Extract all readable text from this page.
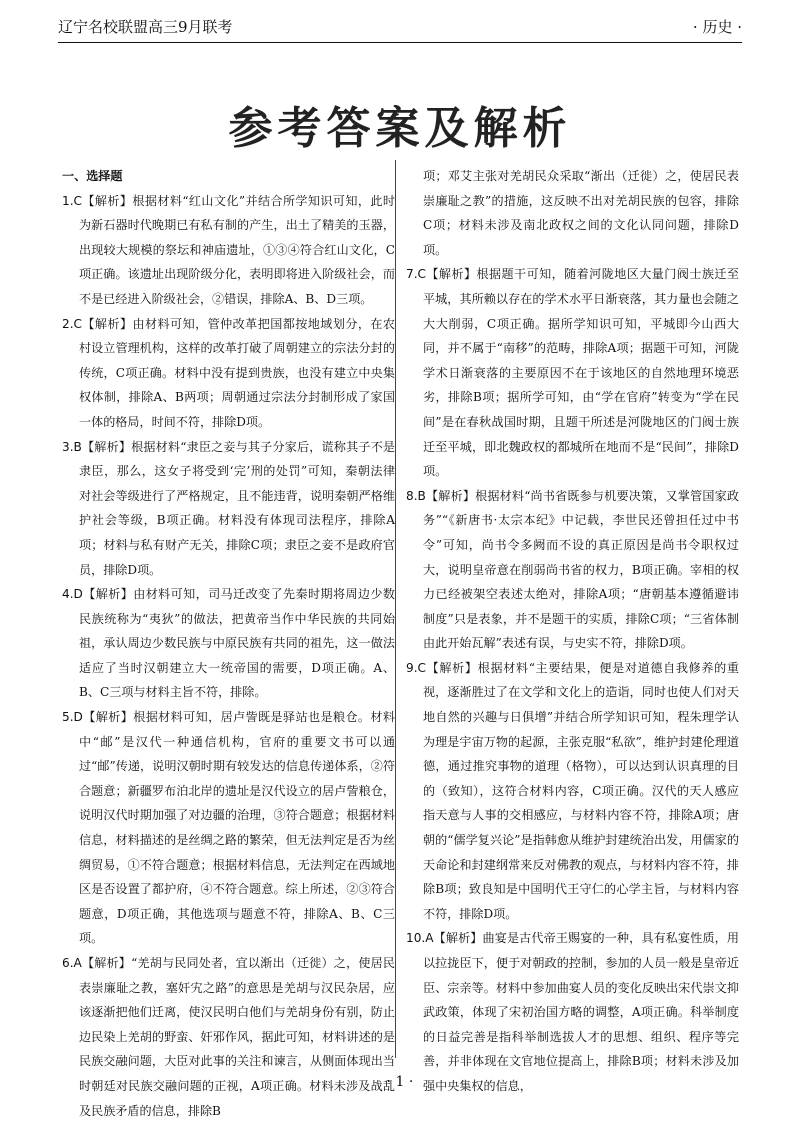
辽宁名校联盟高三9月联考	· 历史 ·
参考答案及解析
一、选择题

1.C【解析】根据材料“红山文化”并结合所学知识可知，此时为新石器时代晚期已有私有制的产生，出土了精美的玉器，出现较大规模的祭坛和神庙遗址，①③④符合红山文化，C项正确。该遗址出现阶级分化，表明即将进入阶级社会，而不是已经进入阶级社会，②错误，排除A、B、D三项。

2.C【解析】由材料可知，管仲改革把国都按地域划分，在农村设立管理机构，这样的改革打破了周朝建立的宗法分封的传统，C项正确。材料中没有提到贵族，也没有建立中央集权体制，排除A、B两项；周朝通过宗法分封制形成了家国一体的格局，时间不符，排除D项。

3.B【解析】根据材料“隶臣之妾与其子分家后，谎称其子不是隶臣，那么，这女子将受到‘完’刑的处罚”可知，秦朝法律对社会等级进行了严格规定，且不能违背，说明秦朝严格维护社会等级，B项正确。材料没有体现司法程序，排除A项；材料与私有财产无关，排除C项；隶臣之妾不是政府官员，排除D项。

4.D【解析】由材料可知，司马迁改变了先秦时期将周边少数民族统称为“夷狄”的做法，把黄帝当作中华民族的共同始祖，承认周边少数民族与中原民族有共同的祖先，这一做法适应了当时汉朝建立大一统帝国的需要，D项正确。A、B、C三项与材料主旨不符，排除。

5.D【解析】根据材料可知，居卢訾既是驿站也是粮仓。材料中“邮”是汉代一种通信机构，官府的重要文书可以通过“邮”传递，说明汉朝时期有较发达的信息传递体系，②符合题意；新疆罗布泊北岸的遗址是汉代设立的居卢訾粮仓，说明汉代时期加强了对边疆的治理，③符合题意；根据材料信息，材料描述的是丝绸之路的繁荣，但无法判定是否为丝绸贸易，①不符合题意；根据材料信息，无法判定在西域地区是否设置了都护府，④不符合题意。综上所述，②③符合题意，D项正确，其他选项与题意不符，排除A、B、C三项。

6.A【解析】“羌胡与民同处者，宜以渐出（迁徙）之，使居民表崇廉耻之教，塞奸宄之路”的意思是羌胡与汉民杂居，应该逐渐把他们迁离，使汉民明白他们与羌胡身份有别，防止边民染上羌胡的野蛮、奸邪作风，据此可知，材料讲述的是民族交融问题，大臣对此事的关注和谏言，从侧面体现出当时朝廷对民族交融问题的正视，A项正确。材料未涉及战乱及民族矛盾的信息，排除B

项；邓艾主张对羌胡民众采取“渐出（迁徙）之，使居民表崇廉耻之教”的措施，这反映不出对羌胡民族的包容，排除C项；材料未涉及南北政权之间的文化认同问题，排除D项。

7.C【解析】根据题干可知，随着河陇地区大量门阀士族迁至平城，其所赖以存在的学术水平日渐衰落，其力量也会随之大大削弱，C项正确。据所学知识可知，平城即今山西大同，并不属于“南移”的范畴，排除A项；据题干可知，河陇学术日渐衰落的主要原因不在于该地区的自然地理环境恶劣，排除B项；据所学可知，由“学在官府”转变为“学在民间”是在春秋战国时期，且题干所述是河陇地区的门阀士族迁至平城，即北魏政权的都城所在地而不是“民间”，排除D项。

8.B【解析】根据材料“尚书省既参与机要决策，又掌管国家政务”“《新唐书·太宗本纪》中记载，李世民还曾担任过中书令”可知，尚书令多阙而不设的真正原因是尚书令职权过大，说明皇帝意在削弱尚书省的权力，B项正确。宰相的权力已经被架空表述太绝对，排除A项；“唐朝基本遵循避讳制度”只是表象，并不是题干的实质，排除C项；“三省体制由此开始瓦解”表述有误，与史实不符，排除D项。

9.C【解析】根据材料“主要结果，便是对道德自我修养的重视，逐渐胜过了在文学和文化上的造诣，同时也使人们对天地自然的兴趣与日俱增”并结合所学知识可知，程朱理学认为理是宇宙万物的起源，主张克服“私欲”，维护封建伦理道德，通过推究事物的道理（格物），可以达到认识真理的目的（致知），这符合材料内容，C项正确。汉代的天人感应指天意与人事的交相感应，与材料内容不符，排除A项；唐朝的“儒学复兴论”是指韩愈从维护封建统治出发，用儒家的天命论和封建纲常来反对佛教的观点，与材料内容不符，排除B项；致良知是中国明代王守仁的心学主旨，与材料内容不符，排除D项。

10.A【解析】曲宴是古代帝王赐宴的一种，具有私宴性质，用以拉拢臣下，便于对朝政的控制，参加的人员一般是皇帝近臣、宗亲等。材料中参加曲宴人员的变化反映出宋代崇文抑武政策，体现了宋初治国方略的调整，A项正确。科举制度的日益完善是指科举制选拔人才的思想、组织、程序等完善，并非体现在文官地位提高上，排除B项；材料未涉及加强中央集权的信息，

· 1 ·
